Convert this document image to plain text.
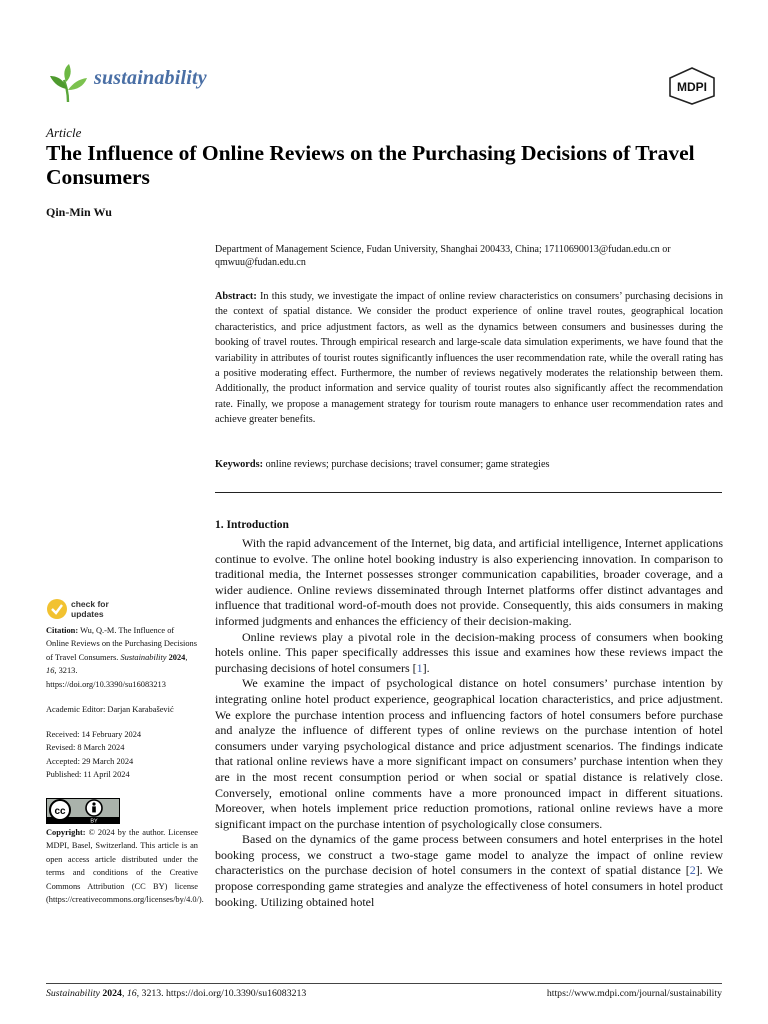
sustainability	MDPI
Article
The Influence of Online Reviews on the Purchasing Decisions of Travel Consumers
Qin-Min Wu
Department of Management Science, Fudan University, Shanghai 200433, China; 17110690013@fudan.edu.cn or qmwuu@fudan.edu.cn
Abstract: In this study, we investigate the impact of online review characteristics on consumers’ purchasing decisions in the context of spatial distance. We consider the product experience of online travel routes, geographical location characteristics, and price adjustment factors, as well as the dynamics between consumers and businesses during the booking of travel routes. Through empirical research and large-scale data simulation experiments, we have found that the variability in attributes of tourist routes significantly influences the user recommendation rate, while the overall rating has a positive moderating effect. Furthermore, the number of reviews negatively moderates the relationship between them. Additionally, the product information and service quality of tourist routes also significantly affect the recommendation rate. Finally, we propose a management strategy for tourism route managers to enhance user recommendation rates and achieve greater benefits.
Keywords: online reviews; purchase decisions; travel consumer; game strategies
1. Introduction

With the rapid advancement of the Internet, big data, and artificial intelligence, Internet applications continue to evolve. The online hotel booking industry is also experiencing innovation. In comparison to traditional media, the Internet possesses stronger communication capabilities, broader coverage, and a wider audience. Online reviews disseminated through Internet platforms offer distinct advantages and influence that traditional word-of-mouth does not provide. Consequently, this aids consumers in making informed judgments and enhances the efficiency of their decision-making.

Online reviews play a pivotal role in the decision-making process of consumers when booking hotels online. This paper specifically addresses this issue and examines how these reviews impact the purchasing decisions of hotel consumers [1].

We examine the impact of psychological distance on hotel consumers’ purchase intention by integrating online hotel product experience, geographical location characteristics, and price adjustment. We explore the purchase intention process and influencing factors of hotel consumers before purchase and analyze the influence of different types of online reviews on the purchase intention of hotel consumers under varying psychological distance and price adjustment scenarios. The findings indicate that rational online reviews have a more significant impact on consumers’ purchase intention when they are in the most recent consumption period or when social or spatial distance is relatively close. Conversely, emotional online comments have a more pronounced impact in different situations. Moreover, when hotels implement price reduction promotions, rational online reviews have a more significant impact on the purchase intention of psychologically close consumers.

Based on the dynamics of the game process between consumers and hotel enterprises in the hotel booking process, we construct a two-stage game model to analyze the impact of online review characteristics on the purchase decision of hotel consumers in the context of spatial distance [2]. We propose corresponding game strategies and analyze the effectiveness of hotel consumers in hotel product booking. Utilizing obtained hotel

check for updates
Citation: Wu, Q.-M. The Influence of Online Reviews on the Purchasing Decisions of Travel Consumers. Sustainability 2024, 16, 3213. https://doi.org/10.3390/su16083213
Academic Editor: Darjan Karabašević
Received: 14 February 2024
Revised: 8 March 2024
Accepted: 29 March 2024
Published: 11 April 2024
cc
BY
Copyright: © 2024 by the author. Licensee MDPI, Basel, Switzerland. This article is an open access article distributed under the terms and conditions of the Creative Commons Attribution (CC BY) license (https://creativecommons.org/licenses/by/4.0/).
Sustainability 2024, 16, 3213. https://doi.org/10.3390/su16083213	https://www.mdpi.com/journal/sustainability
